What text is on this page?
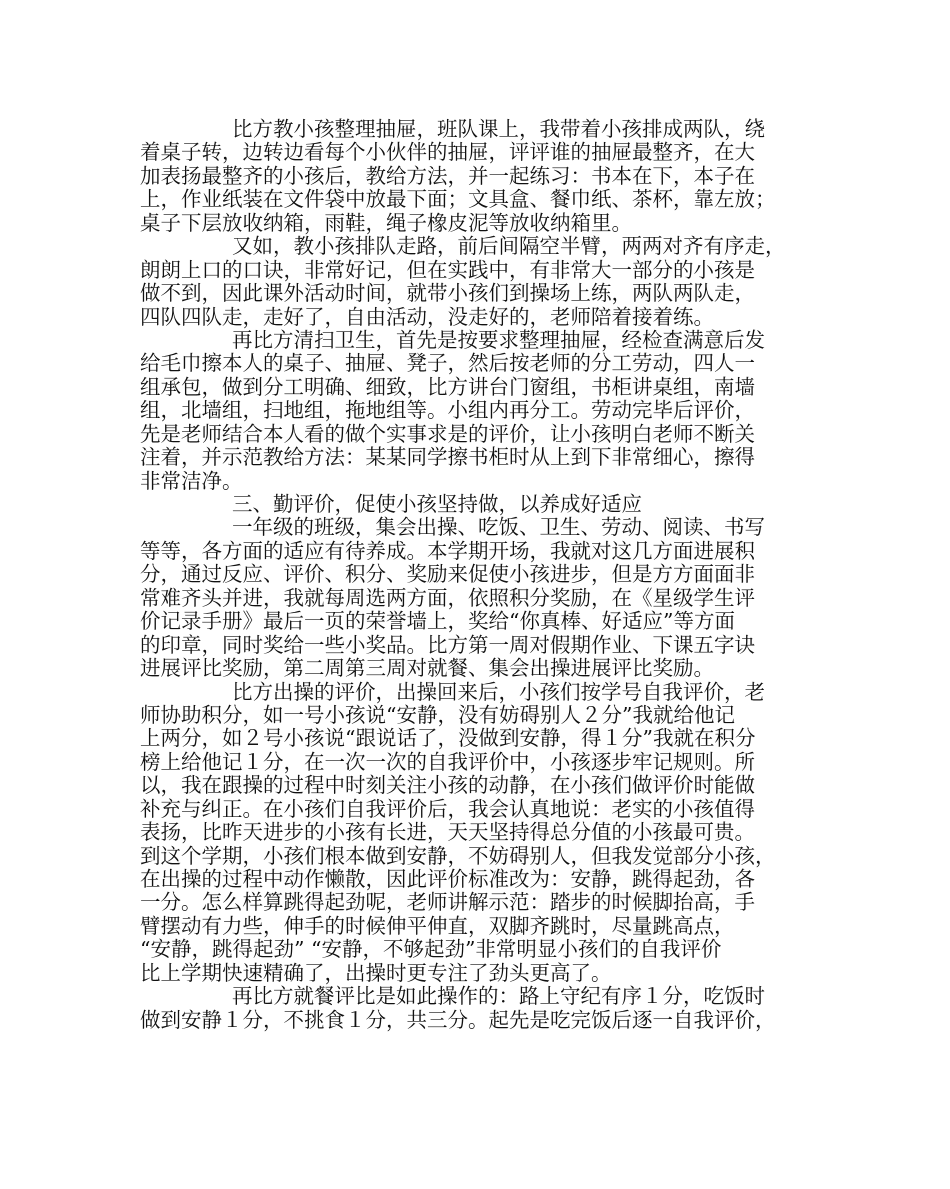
比方教小孩整理抽屉，班队课上，我带着小孩排成两队，绕
着桌子转，边转边看每个小伙伴的抽屉，评评谁的抽屉最整齐，在大
加表扬最整齐的小孩后，教给方法，并一起练习：书本在下，本子在
上，作业纸装在文件袋中放最下面；文具盒、餐巾纸、茶杯，靠左放；
桌子下层放收纳箱，雨鞋，绳子橡皮泥等放收纳箱里。
又如，教小孩排队走路，前后间隔空半臂，两两对齐有序走，
朗朗上口的口诀，非常好记，但在实践中，有非常大一部分的小孩是
做不到，因此课外活动时间，就带小孩们到操场上练，两队两队走，
四队四队走，走好了，自由活动，没走好的，老师陪着接着练。
再比方清扫卫生，首先是按要求整理抽屉，经检查满意后发
给毛巾擦本人的桌子、抽屉、凳子，然后按老师的分工劳动，四人一
组承包，做到分工明确、细致，比方讲台门窗组，书柜讲桌组，南墙
组，北墙组，扫地组，拖地组等。小组内再分工。劳动完毕后评价，
先是老师结合本人看的做个实事求是的评价，让小孩明白老师不断关
注着，并示范教给方法：某某同学擦书柜时从上到下非常细心，擦得
非常洁净。
三、勤评价，促使小孩坚持做，以养成好适应
一年级的班级，集会出操、吃饭、卫生、劳动、阅读、书写
等等，各方面的适应有待养成。本学期开场，我就对这几方面进展积
分，通过反应、评价、积分、奖励来促使小孩进步，但是方方面面非
常难齐头并进，我就每周选两方面，依照积分奖励，在《星级学生评
价记录手册》最后一页的荣誉墙上，奖给“你真棒、好适应”等方面
的印章，同时奖给一些小奖品。比方第一周对假期作业、下课五字诀
进展评比奖励，第二周第三周对就餐、集会出操进展评比奖励。
比方出操的评价，出操回来后，小孩们按学号自我评价，老
师协助积分，如一号小孩说“安静，没有妨碍别人２分”我就给他记
上两分，如２号小孩说“跟说话了，没做到安静，得１分”我就在积分
榜上给他记１分，在一次一次的自我评价中，小孩逐步牢记规则。所
以，我在跟操的过程中时刻关注小孩的动静，在小孩们做评价时能做
补充与纠正。在小孩们自我评价后，我会认真地说：老实的小孩值得
表扬，比昨天进步的小孩有长进，天天坚持得总分值的小孩最可贵。
到这个学期，小孩们根本做到安静，不妨碍别人，但我发觉部分小孩，
在出操的过程中动作懒散，因此评价标准改为：安静，跳得起劲，各
一分。怎么样算跳得起劲呢，老师讲解示范：踏步的时候脚抬高，手
臂摆动有力些，伸手的时候伸平伸直，双脚齐跳时，尽量跳高点，
“安静，跳得起劲” “安静，不够起劲”非常明显小孩们的自我评价
比上学期快速精确了，出操时更专注了劲头更高了。
再比方就餐评比是如此操作的：路上守纪有序１分，吃饭时
做到安静１分，不挑食１分，共三分。起先是吃完饭后逐一自我评价，
